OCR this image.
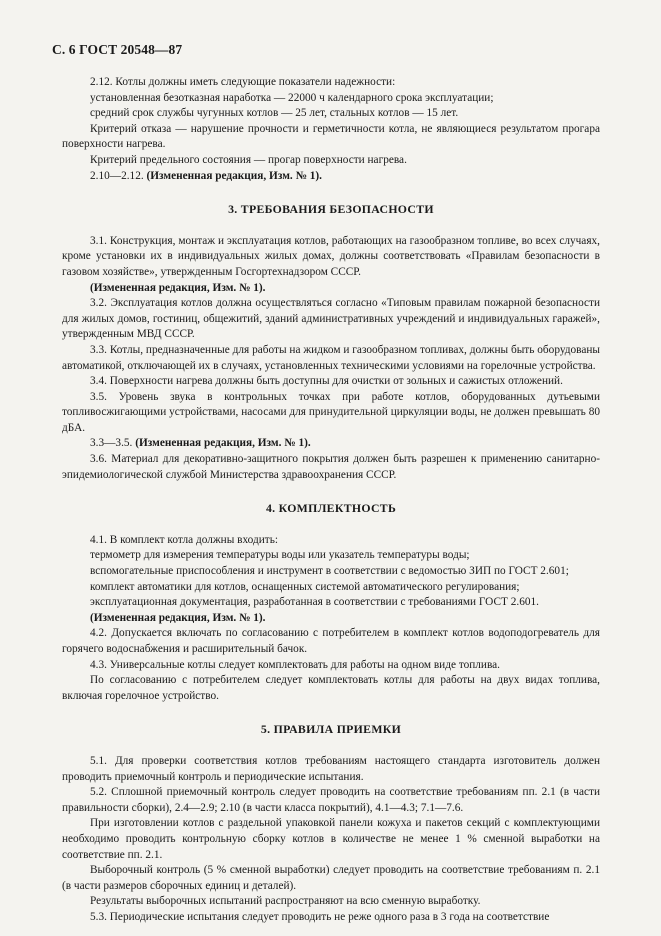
С. 6 ГОСТ 20548—87

2.12. Котлы должны иметь следующие показатели надежности:

установленная безотказная наработка — 22000 ч календарного срока эксплуатации;

средний срок службы чугунных котлов — 25 лет, стальных котлов — 15 лет.

Критерий отказа — нарушение прочности и герметичности котла, не являющиеся результатом прогара поверхности нагрева.

Критерий предельного состояния — прогар поверхности нагрева.

2.10—2.12. (Измененная редакция, Изм. № 1).

3. ТРЕБОВАНИЯ БЕЗОПАСНОСТИ

3.1. Конструкция, монтаж и эксплуатация котлов, работающих на газообразном топливе, во всех случаях, кроме установки их в индивидуальных жилых домах, должны соответствовать «Правилам безопасности в газовом хозяйстве», утвержденным Госгортехнадзором СССР.

(Измененная редакция, Изм. № 1).

3.2. Эксплуатация котлов должна осуществляться согласно «Типовым правилам пожарной безопасности для жилых домов, гостиниц, общежитий, зданий административных учреждений и индивидуальных гаражей», утвержденным МВД СССР.

3.3. Котлы, предназначенные для работы на жидком и газообразном топливах, должны быть оборудованы автоматикой, отключающей их в случаях, установленных техническими условиями на горелочные устройства.

3.4. Поверхности нагрева должны быть доступны для очистки от зольных и сажистых отложений.

3.5. Уровень звука в контрольных точках при работе котлов, оборудованных дутьевыми топливосжигающими устройствами, насосами для принудительной циркуляции воды, не должен превышать 80 дБА.

3.3—3.5. (Измененная редакция, Изм. № 1).

3.6. Материал для декоративно-защитного покрытия должен быть разрешен к применению санитарно-эпидемиологической службой Министерства здравоохранения СССР.

4. КОМПЛЕКТНОСТЬ

4.1. В комплект котла должны входить:

термометр для измерения температуры воды или указатель температуры воды;

вспомогательные приспособления и инструмент в соответствии с ведомостью ЗИП по ГОСТ 2.601;

комплект автоматики для котлов, оснащенных системой автоматического регулирования;

эксплуатационная документация, разработанная в соответствии с требованиями ГОСТ 2.601.

(Измененная редакция, Изм. № 1).

4.2. Допускается включать по согласованию с потребителем в комплект котлов водоподогреватель для горячего водоснабжения и расширительный бачок.

4.3. Универсальные котлы следует комплектовать для работы на одном виде топлива.

По согласованию с потребителем следует комплектовать котлы для работы на двух видах топлива, включая горелочное устройство.

5. ПРАВИЛА ПРИЕМКИ

5.1. Для проверки соответствия котлов требованиям настоящего стандарта изготовитель должен проводить приемочный контроль и периодические испытания.

5.2. Сплошной приемочный контроль следует проводить на соответствие требованиям пп. 2.1 (в части правильности сборки), 2.4—2.9; 2.10 (в части класса покрытий), 4.1—4.3; 7.1—7.6.

При изготовлении котлов с раздельной упаковкой панели кожуха и пакетов секций с комплектующими необходимо проводить контрольную сборку котлов в количестве не менее 1 % сменной выработки на соответствие пп. 2.1.

Выборочный контроль (5 % сменной выработки) следует проводить на соответствие требованиям п. 2.1 (в части размеров сборочных единиц и деталей).

Результаты выборочных испытаний распространяют на всю сменную выработку.

5.3. Периодические испытания следует проводить не реже одного раза в 3 года на соответствие
